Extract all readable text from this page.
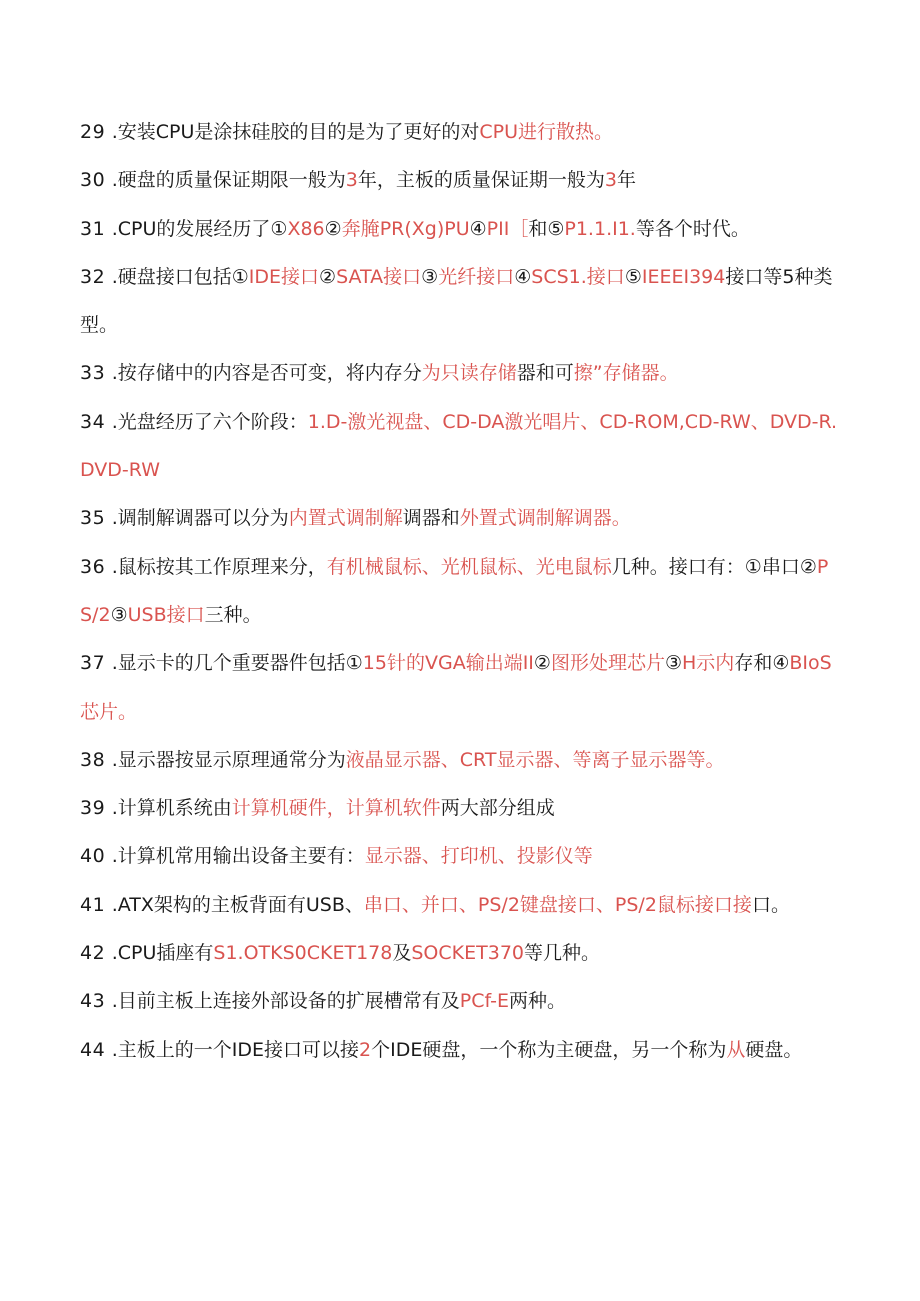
29 .安装CPU是涂抹硅胶的目的是为了更好的对CPU进行散热。

30 .硬盘的质量保证期限一般为3年，主板的质量保证期一般为3年

31 .CPU的发展经历了①X86②奔腌PR(Xg)PU④PII［和⑤P1.1.I1.等各个时代。

32 .硬盘接口包括①IDE接口②SATA接口③光纤接口④SCS1.接口⑤IEEEI394接口等5种类型。

33 .按存储中的内容是否可变，将内存分为只读存储器和可擦”存储器。

34 .光盘经历了六个阶段：1.D-激光视盘、CD-DA激光唱片、CD-ROM,CD-RW、DVD-R.DVD-RW

35 .调制解调器可以分为内置式调制解调器和外置式调制解调器。

36 .鼠标按其工作原理来分，有机械鼠标、光机鼠标、光电鼠标几种。接口有：①串口②PS/2③USB接口三种。

37 .显示卡的几个重要器件包括①15针的VGA输出端II②图形处理芯片③H示内存和④BIoS芯片。

38 .显示器按显示原理通常分为液晶显示器、CRT显示器、等离子显示器等。

39 .计算机系统由计算机硬件，计算机软件两大部分组成

40 .计算机常用输出设备主要有：显示器、打印机、投影仪等

41 .ATX架构的主板背面有USB、串口、并口、PS/2键盘接口、PS/2鼠标接口接口。

42 .CPU插座有S1.OTKS0CKET178及SOCKET370等几种。

43 .目前主板上连接外部设备的扩展槽常有及PCf-E两种。

44 .主板上的一个IDE接口可以接2个IDE硬盘，一个称为主硬盘，另一个称为从硬盘。
